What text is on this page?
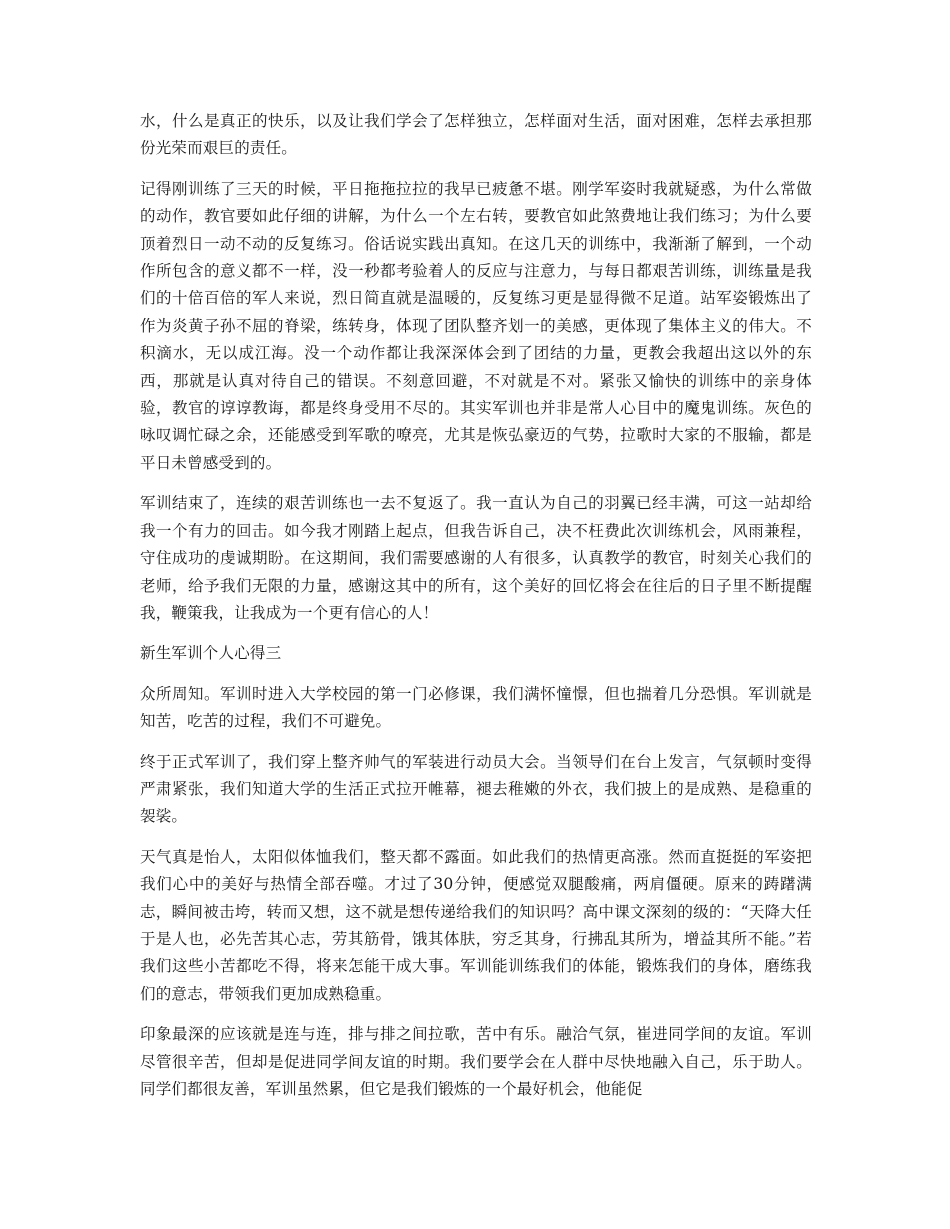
水，什么是真正的快乐，以及让我们学会了怎样独立，怎样面对生活，面对困难，怎样去承担那份光荣而艰巨的责任。

记得刚训练了三天的时候，平日拖拖拉拉的我早已疲惫不堪。刚学军姿时我就疑惑，为什么常做的动作，教官要如此仔细的讲解，为什么一个左右转，要教官如此煞费地让我们练习；为什么要顶着烈日一动不动的反复练习。俗话说实践出真知。在这几天的训练中，我渐渐了解到，一个动作所包含的意义都不一样，没一秒都考验着人的反应与注意力，与每日都艰苦训练，训练量是我们的十倍百倍的军人来说，烈日简直就是温暖的，反复练习更是显得微不足道。站军姿锻炼出了作为炎黄子孙不屈的脊梁，练转身，体现了团队整齐划一的美感，更体现了集体主义的伟大。不积滴水，无以成江海。没一个动作都让我深深体会到了团结的力量，更教会我超出这以外的东西，那就是认真对待自己的错误。不刻意回避，不对就是不对。紧张又愉快的训练中的亲身体验，教官的谆谆教诲，都是终身受用不尽的。其实军训也并非是常人心目中的魔鬼训练。灰色的咏叹调忙碌之余，还能感受到军歌的嘹亮，尤其是恢弘豪迈的气势，拉歌时大家的不服输，都是平日未曾感受到的。

军训结束了，连续的艰苦训练也一去不复返了。我一直认为自己的羽翼已经丰满，可这一站却给我一个有力的回击。如今我才刚踏上起点，但我告诉自己，决不枉费此次训练机会，风雨兼程，守住成功的虔诚期盼。在这期间，我们需要感谢的人有很多，认真教学的教官，时刻关心我们的老师，给予我们无限的力量，感谢这其中的所有，这个美好的回忆将会在往后的日子里不断提醒我，鞭策我，让我成为一个更有信心的人！

新生军训个人心得三

众所周知。军训时进入大学校园的第一门必修课，我们满怀憧憬，但也揣着几分恐惧。军训就是知苦，吃苦的过程，我们不可避免。

终于正式军训了，我们穿上整齐帅气的军装进行动员大会。当领导们在台上发言，气氛顿时变得严肃紧张，我们知道大学的生活正式拉开帷幕，褪去稚嫩的外衣，我们披上的是成熟、是稳重的袈裟。

天气真是怡人，太阳似体恤我们，整天都不露面。如此我们的热情更高涨。然而直挺挺的军姿把我们心中的美好与热情全部吞噬。才过了30分钟，便感觉双腿酸痛，两肩僵硬。原来的踌躇满志，瞬间被击垮，转而又想，这不就是想传递给我们的知识吗？高中课文深刻的级的：“天降大任于是人也，必先苦其心志，劳其筋骨，饿其体肤，穷乏其身，行拂乱其所为，增益其所不能。”若我们这些小苦都吃不得，将来怎能干成大事。军训能训练我们的体能，锻炼我们的身体，磨练我们的意志，带领我们更加成熟稳重。

印象最深的应该就是连与连，排与排之间拉歌，苦中有乐。融洽气氛，崔进同学间的友谊。军训尽管很辛苦，但却是促进同学间友谊的时期。我们要学会在人群中尽快地融入自己，乐于助人。同学们都很友善，军训虽然累，但它是我们锻炼的一个最好机会，他能促
